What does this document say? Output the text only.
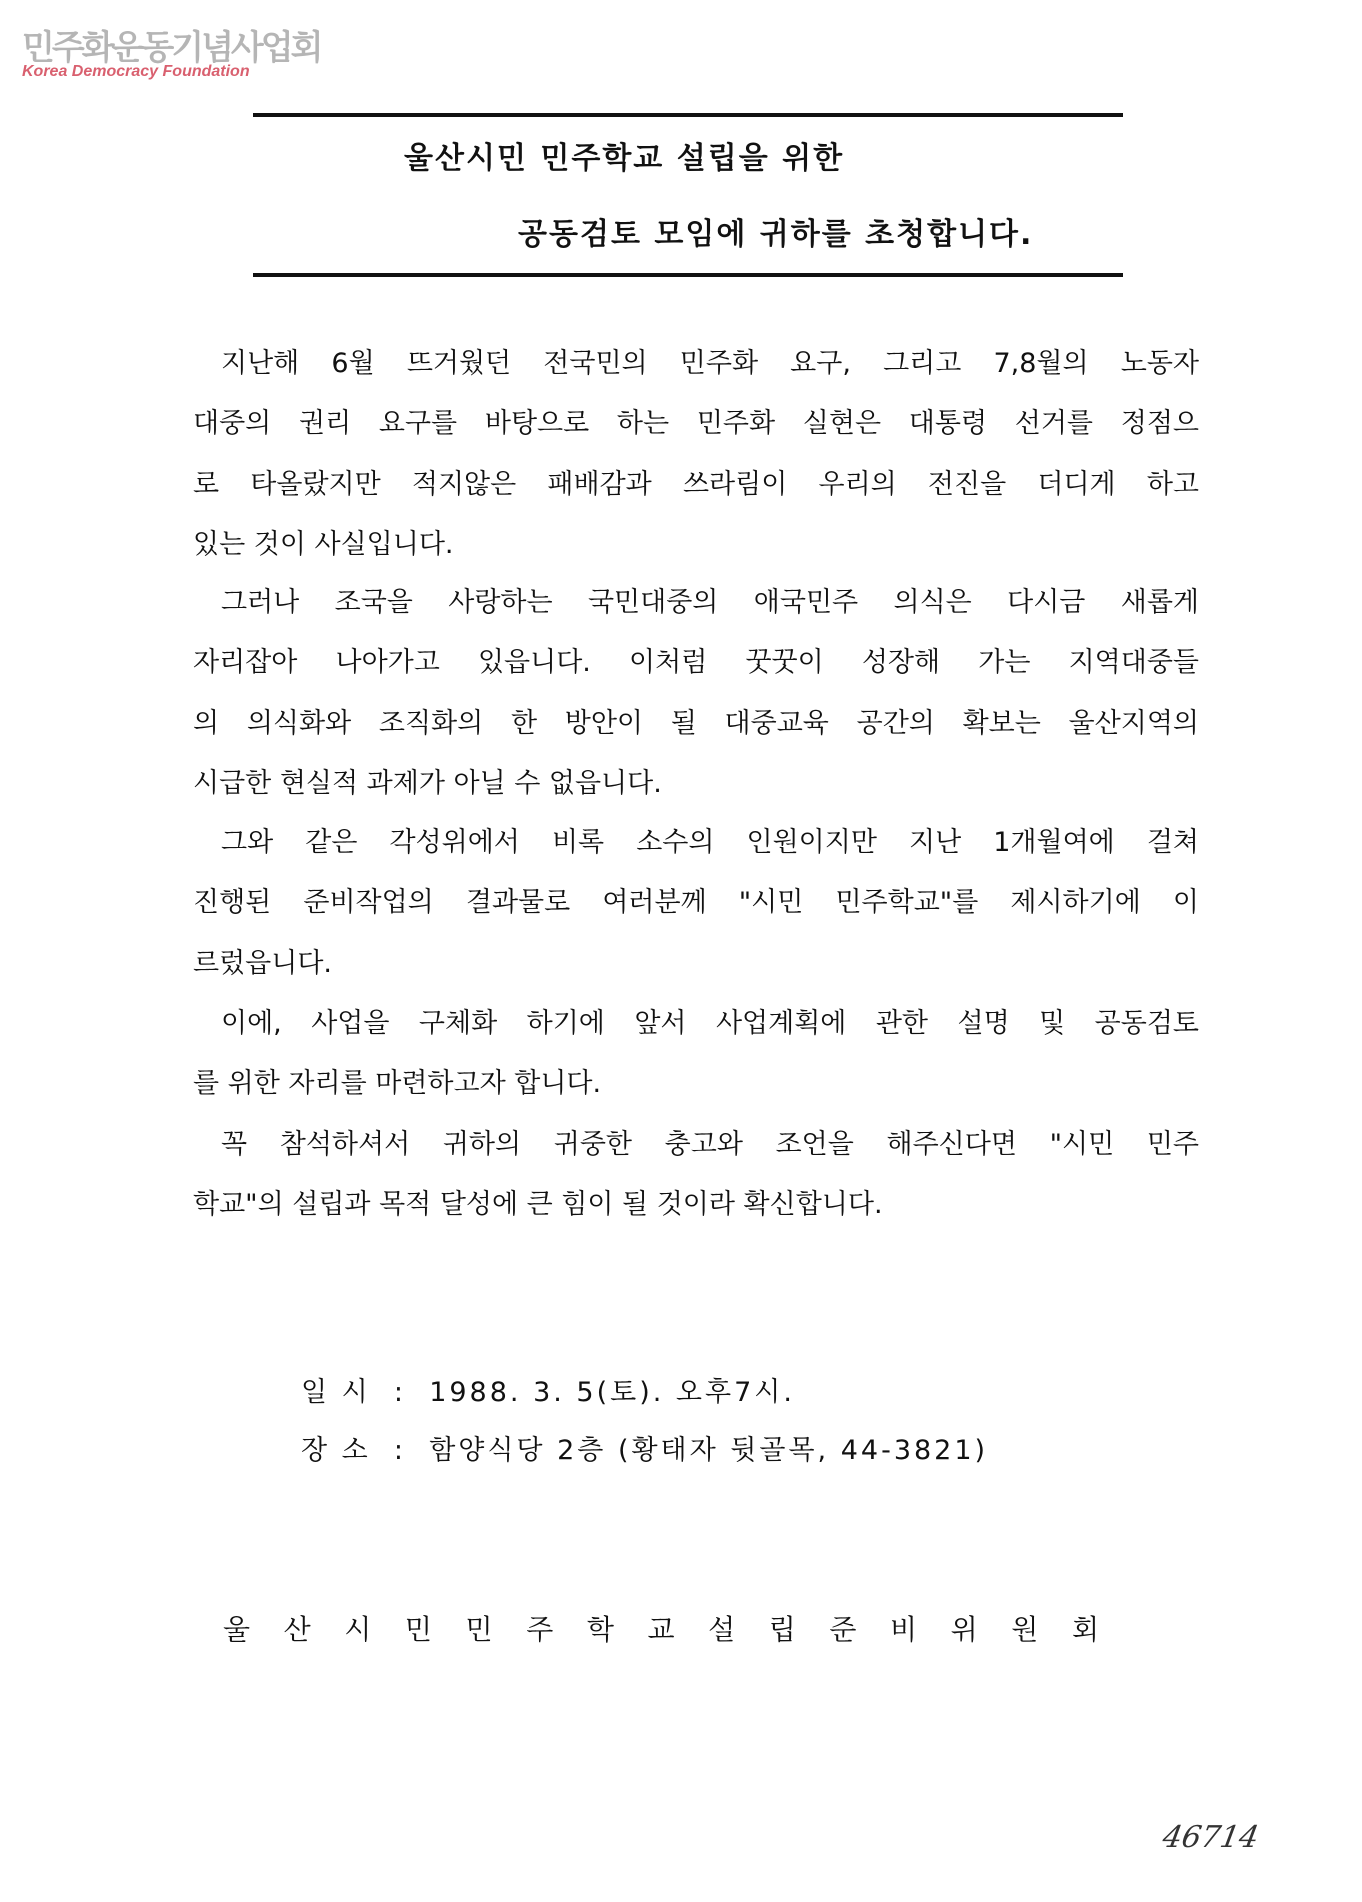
민주화운동기념사업회
Korea Democracy Foundation
울산시민 민주학교 설립을 위한
공동검토 모임에 귀하를 초청합니다.
지난해 6월 뜨거웠던 전국민의 민주화 요구, 그리고 7,8월의 노동자
대중의 권리 요구를 바탕으로 하는 민주화 실현은 대통령 선거를 정점으
로 타올랐지만 적지않은 패배감과 쓰라림이 우리의 전진을 더디게 하고
있는 것이 사실입니다.
그러나 조국을 사랑하는 국민대중의 애국민주 의식은 다시금 새롭게
자리잡아 나아가고 있읍니다. 이처럼 꿋꿋이 성장해 가는 지역대중들
의 의식화와 조직화의 한 방안이 될 대중교육 공간의 확보는 울산지역의
시급한 현실적 과제가 아닐 수 없읍니다.
그와 같은 각성위에서 비록 소수의 인원이지만 지난 1개월여에 걸쳐
진행된 준비작업의 결과물로 여러분께 "시민 민주학교"를 제시하기에 이
르렀읍니다.
이에, 사업을 구체화 하기에 앞서 사업계획에 관한 설명 및 공동검토
를 위한 자리를 마련하고자 합니다.
꼭 참석하셔서 귀하의 귀중한 충고와 조언을 해주신다면 "시민 민주
학교"의 설립과 목적 달성에 큰 힘이 될 것이라 확신합니다.
일 시  :  1988. 3. 5(토). 오후7시.
장 소  :  함양식당 2층 (황태자 뒷골목, 44-3821)
울 산 시 민 민 주 학 교 설 립 준 비 위 원 회
46714
